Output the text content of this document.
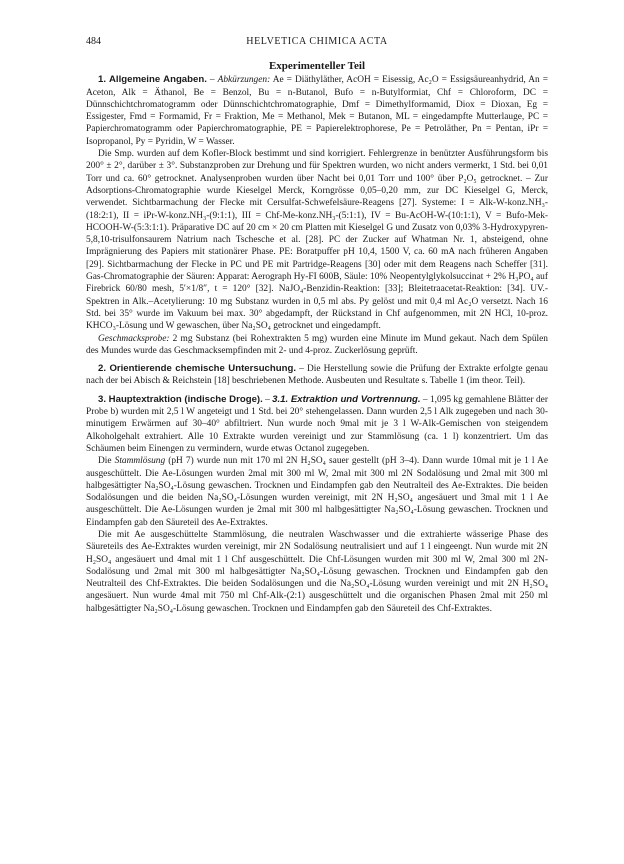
484	HELVETICA CHIMICA ACTA
Experimenteller Teil

1. Allgemeine Angaben. – Abkürzungen: Ae = Diäthyläther, AcOH = Eisessig, Ac₂O = Essigsäureanhydrid, An = Aceton, Alk = Äthanol, Be = Benzol, Bu = n-Butanol, Bufo = n-Butylformiat, Chf = Chloroform, DC = Dünnschichtchromatogramm oder Dünnschichtchromatographie, Dmf = Dimethylformamid, Diox = Dioxan, Eg = Essigester, Fmd = Formamid, Fr = Fraktion, Me = Methanol, Mek = Butanon, ML = eingedampfte Mutterlauge, PC = Papierchromatogramm oder Papierchromatographie, PE = Papierelektrophorese, Pe = Petroläther, Pn = Pentan, iPr = Isopropanol, Py = Pyridin, W = Wasser.

Die Smp. wurden auf dem Kofler-Block bestimmt und sind korrigiert. Fehlergrenze in benützter Ausführungsform bis 200° ± 2°, darüber ± 3°. Substanzproben zur Drehung und für Spektren wurden, wo nicht anders vermerkt, 1 Std. bei 0,01 Torr und ca. 60° getrocknet. Analysenproben wurden über Nacht bei 0,01 Torr und 100° über P₂O₅ getrocknet. – Zur Adsorptions-Chromatographie wurde Kieselgel Merck, Korngrösse 0,05–0,20 mm, zur DC Kieselgel G, Merck, verwendet. Sichtbarmachung der Flecke mit Cersulfat-Schwefelsäure-Reagens [27]. Systeme: I = Alk-W-konz.NH₃-(18:2:1), II = iPr-W-konz.NH₃-(9:1:1), III = Chf-Me-konz.NH₃-(5:1:1), IV = Bu-AcOH-W-(10:1:1), V = Bufo-Mek-HCOOH-W-(5:3:1:1). Präparative DC auf 20 cm × 20 cm Platten mit Kieselgel G und Zusatz von 0,03% 3-Hydroxypyren-5,8,10-trisulfonsaurem Natrium nach Tschesche et al. [28]. PC der Zucker auf Whatman Nr. 1, absteigend, ohne Imprägnierung des Papiers mit stationärer Phase. PE: Boratpuffer pH 10,4, 1500 V, ca. 60 mA nach früheren Angaben [29]. Sichtbarmachung der Flecke in PC und PE mit Partridge-Reagens [30] oder mit dem Reagens nach Scheffer [31]. Gas-Chromatographie der Säuren: Apparat: Aerograph Hy-FI 600B, Säule: 10% Neopentylglykolsuccinat + 2% H₃PO₄ auf Firebrick 60/80 mesh, 5′×1/8″, t = 120° [32]. NaJO₄-Benzidin-Reaktion: [33]; Bleitetraacetat-Reaktion: [34]. UV.-Spektren in Alk.–Acetylierung: 10 mg Substanz wurden in 0,5 ml abs. Py gelöst und mit 0,4 ml Ac₂O versetzt. Nach 16 Std. bei 35° wurde im Vakuum bei max. 30° abgedampft, der Rückstand in Chf aufgenommen, mit 2N HCl, 10-proz. KHCO₃-Lösung und W gewaschen, über Na₂SO₄ getrocknet und eingedampft.

Geschmacksprobe: 2 mg Substanz (bei Rohextrakten 5 mg) wurden eine Minute im Mund gekaut. Nach dem Spülen des Mundes wurde das Geschmacksempfinden mit 2- und 4-proz. Zuckerlösung geprüft.

2. Orientierende chemische Untersuchung. – Die Herstellung sowie die Prüfung der Extrakte erfolgte genau nach der bei Abisch & Reichstein [18] beschriebenen Methode. Ausbeuten und Resultate s. Tabelle 1 (im theor. Teil).

3. Hauptextraktion (indische Droge). – 3.1. Extraktion und Vortrennung. – 1,095 kg gemahlene Blätter der Probe b) wurden mit 2,5 l W angeteigt und 1 Std. bei 20° stehengelassen. Dann wurden 2,5 l Alk zugegeben und nach 30-minutigem Erwärmen auf 30–40° abfiltriert. Nun wurde noch 9mal mit je 3 l W-Alk-Gemischen von steigendem Alkoholgehalt extrahiert. Alle 10 Extrakte wurden vereinigt und zur Stammlösung (ca. 1 l) konzentriert. Um das Schäumen beim Einengen zu vermindern, wurde etwas Octanol zugegeben.

Die Stammlösung (pH 7) wurde nun mit 170 ml 2N H₂SO₄ sauer gestellt (pH 3–4). Dann wurde 10mal mit je 1 l Ae ausgeschüttelt. Die Ae-Lösungen wurden 2mal mit 300 ml W, 2mal mit 300 ml 2N Sodalösung und 2mal mit 300 ml halbgesättigter Na₂SO₄-Lösung gewaschen. Trocknen und Eindampfen gab den Neutralteil des Ae-Extraktes. Die beiden Sodalösungen und die beiden Na₂SO₄-Lösungen wurden vereinigt, mit 2N H₂SO₄ angesäuert und 3mal mit 1 l Ae ausgeschüttelt. Die Ae-Lösungen wurden je 2mal mit 300 ml halbgesättigter Na₂SO₄-Lösung gewaschen. Trocknen und Eindampfen gab den Säureteil des Ae-Extraktes.

Die mit Ae ausgeschüttelte Stammlösung, die neutralen Waschwasser und die extrahierte wässerige Phase des Säureteils des Ae-Extraktes wurden vereinigt, mir 2N Sodalösung neutralisiert und auf 1 l eingeengt. Nun wurde mit 2N H₂SO₄ angesäuert und 4mal mit 1 l Chf ausgeschüttelt. Die Chf-Lösungen wurden mit 300 ml W, 2mal 300 ml 2N-Sodalösung und 2mal mit 300 ml halbgesättigter Na₂SO₄-Lösung gewaschen. Trocknen und Eindampfen gab den Neutralteil des Chf-Extraktes. Die beiden Sodalösungen und die Na₂SO₄-Lösung wurden vereinigt und mit 2N H₂SO₄ angesäuert. Nun wurde 4mal mit 750 ml Chf-Alk-(2:1) ausgeschüttelt und die organischen Phasen 2mal mit 250 ml halbgesättigter Na₂SO₄-Lösung gewaschen. Trocknen und Eindampfen gab den Säureteil des Chf-Extraktes.
